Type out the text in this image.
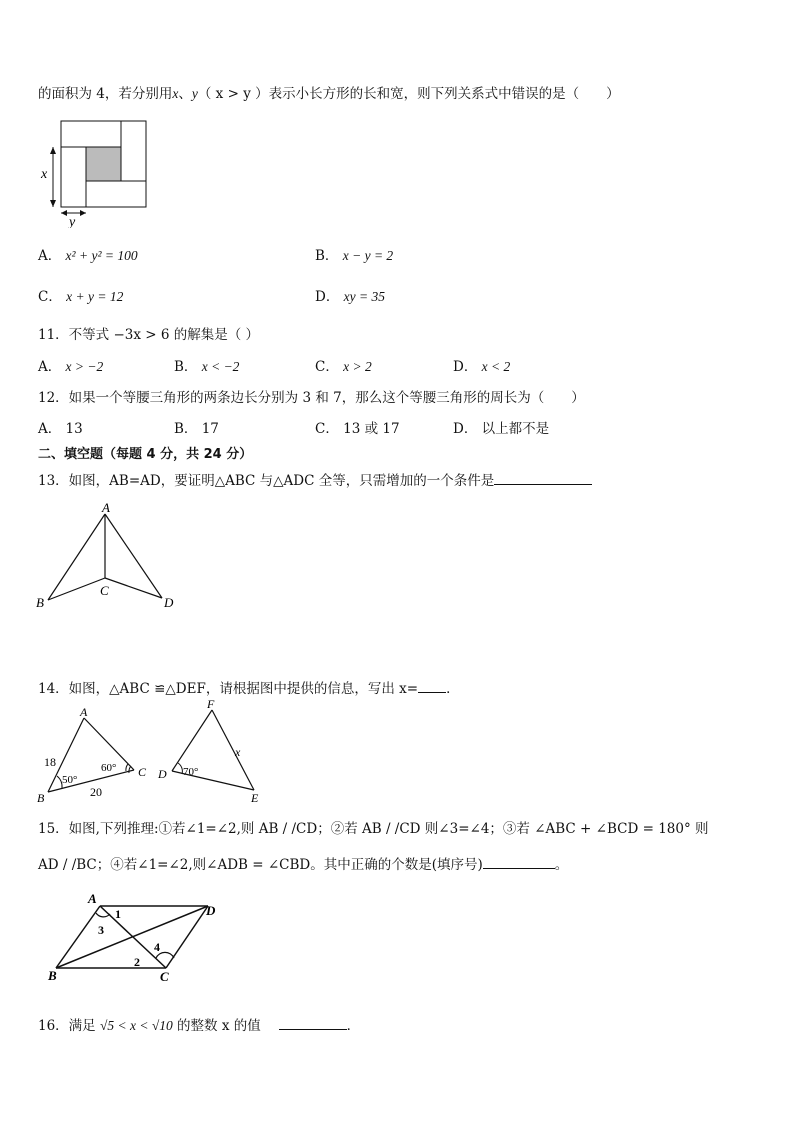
的面积为 4，若分别用x、y（ x > y ）表示小长方形的长和宽，则下列关系式中错误的是（　　）
x
y
A． x² + y² = 100	B． x − y = 2
C． x + y = 12	D． xy = 35
11．不等式 −3x > 6 的解集是（ ）
A． x > −2	B． x < −2	C． x > 2	D． x < 2
12．如果一个等腰三角形的两条边长分别为 3 和 7，那么这个等腰三角形的周长为（　　）
A． 13	B． 17	C． 13 或 17	D． 以上都不是
二、填空题（每题 4 分，共 24 分）
13．如图，AB=AD，要证明△ABC 与△ADC 全等，只需增加的一个条件是
A
B
C
D
14．如图，△ABC ≌△DEF，请根据图中提供的信息，写出 x= ．
A
B
C
18
20
50°
60°
F
D
E
x
70°
15．如图,下列推理:①若∠1=∠2,则 AB / /CD；②若 AB / /CD 则∠3=∠4；③若 ∠ABC + ∠BCD = 180° 则
AD / /BC；④若∠1=∠2,则∠ADB = ∠CBD。其中正确的个数是(填序号)	。
A
D
B	C
1
3
2
4
16．满足 √5 < x < √10 的整数 x 的值　	．
